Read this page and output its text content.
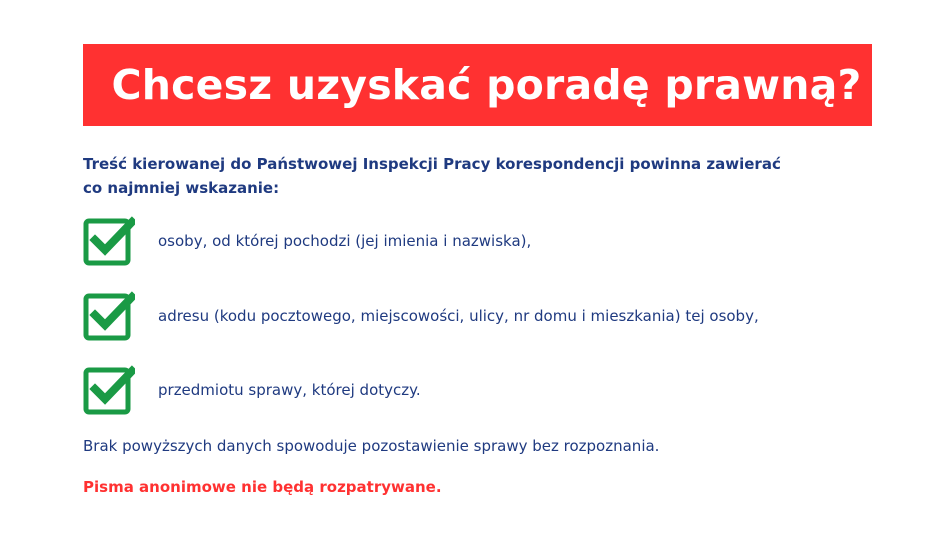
Chcesz uzyskać poradę prawną?
Treść kierowanej do Państwowej Inspekcji Pracy korespondencji powinna zawierać
co najmniej wskazanie:
osoby, od której pochodzi (jej imienia i nazwiska),
adresu (kodu pocztowego, miejscowości, ulicy, nr domu i mieszkania) tej osoby,
przedmiotu sprawy, której dotyczy.
Brak powyższych danych spowoduje pozostawienie sprawy bez rozpoznania.
Pisma anonimowe nie będą rozpatrywane.
